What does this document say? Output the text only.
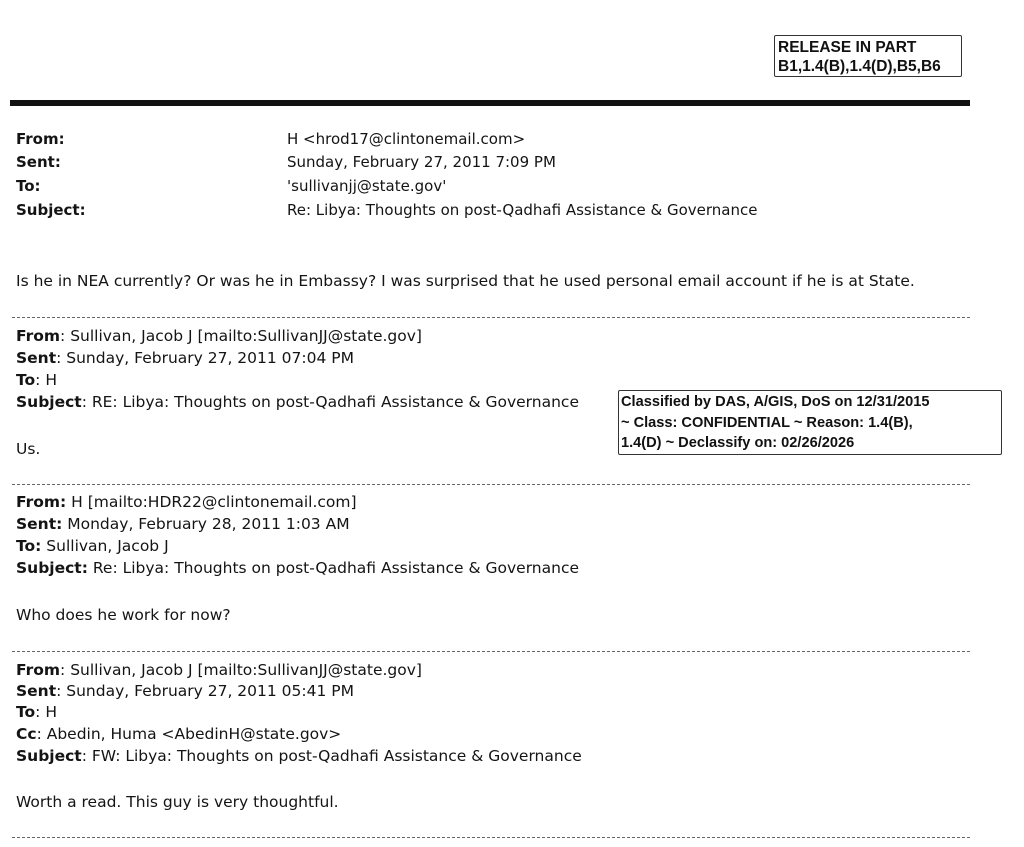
RELEASE IN PART
B1,1.4(B),1.4(D),B5,B6
From:	H <hrod17@clintonemail.com>
Sent:	Sunday, February 27, 2011 7:09 PM
To:	'sullivanjj@state.gov'
Subject:	Re: Libya: Thoughts on post-Qadhafi Assistance & Governance
Is he in NEA currently? Or was he in Embassy? I was surprised that he used personal email account if he is at State.
From: Sullivan, Jacob J [mailto:SullivanJJ@state.gov]
Sent: Sunday, February 27, 2011 07:04 PM
To: H
Subject: RE: Libya: Thoughts on post-Qadhafi Assistance & Governance	Classified by DAS, A/GIS, DoS on 12/31/2015
~ Class: CONFIDENTIAL ~ Reason: 1.4(B),
1.4(D) ~ Declassify on: 02/26/2026
Us.
From: H [mailto:HDR22@clintonemail.com]
Sent: Monday, February 28, 2011 1:03 AM
To: Sullivan, Jacob J
Subject: Re: Libya: Thoughts on post-Qadhafi Assistance & Governance
Who does he work for now?
From: Sullivan, Jacob J [mailto:SullivanJJ@state.gov]
Sent: Sunday, February 27, 2011 05:41 PM
To: H
Cc: Abedin, Huma <AbedinH@state.gov>
Subject: FW: Libya: Thoughts on post-Qadhafi Assistance & Governance
Worth a read. This guy is very thoughtful.
